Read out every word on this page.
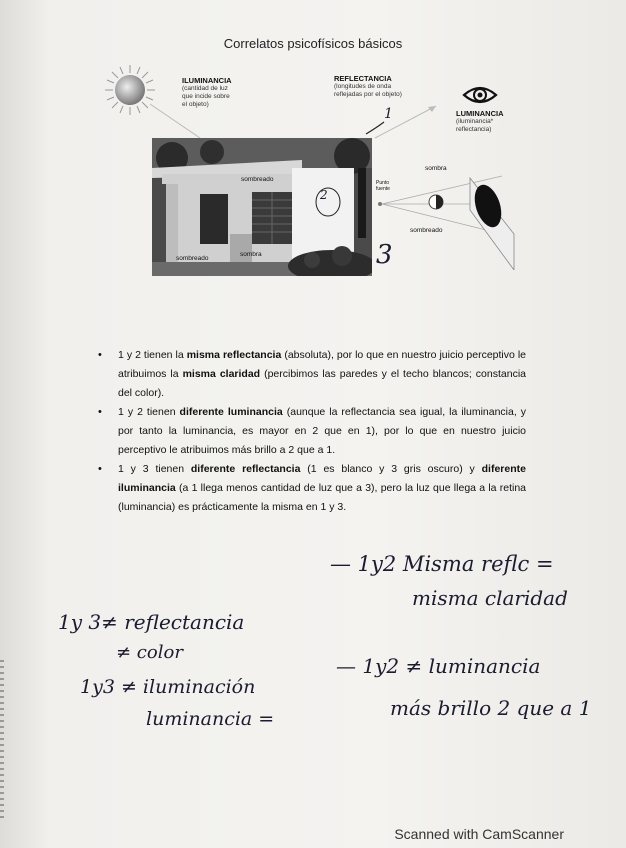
Correlatos psicofísicos básicos
ILUMINANCIA
(cantidad de luz
que incide sobre
el objeto)
REFLECTANCIA
(longitudes de onda
reflejadas por el objeto)
LUMINANCIA
(iluminancia*
reflectancia)
1
sombreado
sombreado
sombra
2
3
sombra
Punto
fuente
sombreado
• 1 y 2 tienen la misma reflectancia (absoluta), por lo que en nuestro juicio perceptivo le atribuimos la misma claridad (percibimos las paredes y el techo blancos; constancia del color).
• 1 y 2 tienen diferente luminancia (aunque la reflectancia sea igual, la iluminancia, y por tanto la luminancia, es mayor en 2 que en 1), por lo que en nuestro juicio perceptivo le atribuimos más brillo a 2 que a 1.
• 1 y 3 tienen diferente reflectancia (1 es blanco y 3 gris oscuro) y diferente iluminancia (a 1 llega menos cantidad de luz que a 3), pero la luz que llega a la retina (luminancia) es prácticamente la misma en 1 y 3.
— 1y2 Misma reflc =
misma claridad
— 1y2 ≠ luminancia
más brillo 2 que a 1
1y 3≠ reflectancia
≠ color
1y3 ≠ iluminación
luminancia =
Scanned with CamScanner
